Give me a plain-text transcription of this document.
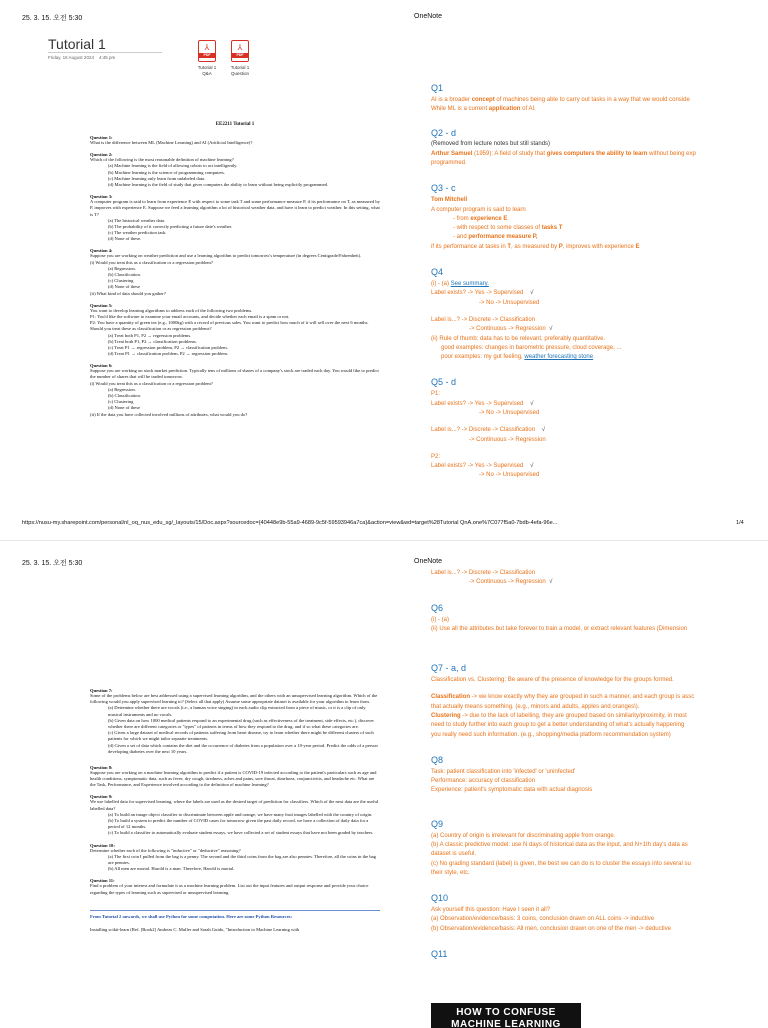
25. 3. 15. 오전 5:30	OneNote
Tutorial 1
Friday, 16 August 2024 4:45 pm
⅄
PDF
Tutorial 1
Q&A
⅄
PDF
Tutorial 1
Question

EE2211 Tutorial 1

Question 1:

What is the difference between ML (Machine Learning) and AI (Artificial Intelligence)?

Question 2:

Which of the following is the most reasonable definition of machine learning?

(a) Machine learning is the field of allowing robots to act intelligently.

(b) Machine learning is the science of programming computers.

(c) Machine learning only learn from unlabeled data.

(d) Machine learning is the field of study that gives computers the ability to learn without being explicitly programmed.

Question 3:

A computer program is said to learn from experience E with respect to some task T and some performance measure P, if its performance on T, as measured by P, improves with experience E. Suppose we feed a learning algorithm a lot of historical weather data, and have it learn to predict weather. In this setting, what is T?

(a) The historical weather data.

(b) The probability of it correctly predicting a future date's weather.

(c) The weather prediction task.

(d) None of these.

Question 4:

Suppose you are working on weather prediction and use a learning algorithm to predict tomorrow's temperature (in degrees Centigrade/Fahrenheit).

(i) Would you treat this as a classification or a regression problem?

(a) Regression.

(b) Classification.

(c) Clustering

(d) None of these

(ii) What kind of data should you gather?

Question 5:

You want to develop learning algorithms to address each of the following two problems.

P1: You'd like the software to examine your email accounts, and decide whether each email is a spam or not.

P2: You have a quantity of green tea (e.g., 1000kg) with a record of previous sales. You want to predict how much of it will sell over the next 6 months.

Should you treat these as classification or as regression problems?

(a) Treat both P1, P2 → regression problems.

(b) Treat both P1, P2 → classification problems.

(c) Treat P1 → regression problem, P2 → classification problem.

(d) Treat P1 → classification problem, P2 → regression problem.

Question 6:

Suppose you are working on stock market prediction. Typically tens of millions of shares of a company's stock are traded each day. You would like to predict the number of shares that will be traded tomorrow.

(i) Would you treat this as a classification or a regression problem?

(a) Regression.

(b) Classification.

(c) Clustering

(d) None of these

(ii) If the data you have collected involved millions of attributes, what would you do?

Q1

AI is a broader concept of machines being able to carry out tasks in a way that we would conside
While ML is a current application of AI.

Q2 - d

(Removed from lecture notes but still stands)
Arthur Samuel (1959): A field of study that gives computers the ability to learn without being exp
programmed.

Q3 - c

Tom Mitchell
A computer program is said to learn
- from experience E
- with respect to some classes of tasks T
- and performance measure P,
if its performance at tasks in T, as measured by P, improves with experience E

Q4

(i) - (a) See summary.
Label exists? -> Yes -> Supervised √
-> No -> Unsupervised
Label is...? -> Discrete -> Classification
-> Continuous -> Regression √
(ii) Rule of thumb: data has to be relevant, preferably quantitative.
good examples: changes in barometric pressure, cloud coverage, ...
poor examples: my gut feeling, weather forecasting stone

Q5 - d

P1:
Label exists? -> Yes -> Supervised √
-> No -> Unsupervised
Label is...? -> Discrete -> Classification √
-> Continuous -> Regression
P2:
Label exists? -> Yes -> Supervised √
-> No -> Unsupervised
https://nusu-my.sharepoint.com/personal/nl_oq_nus_edu_sg/_layouts/15/Doc.aspx?sourcedoc={40448e9b-55a9-4689-9c5f-59593946a7ca}&action=view&wd=target%28Tutorial QnA.one%7C077f5a0-7bdb-4efa-96e...	1/4
25. 3. 15. 오전 5:30	OneNote

Question 7:

Some of the problems below are best addressed using a supervised learning algorithm, and the others with an unsupervised learning algorithm. Which of the following would you apply supervised learning to? (Select all that apply) Assume some appropriate dataset is available for your algorithm to learn from.

(a) Determine whether there are vocals (i.e., a human voice singing) in each audio clip extracted from a piece of music, or it is a clip of only musical instruments and no vocals.

(b) Given data on how 1000 medical patients respond to an experimental drug (such as effectiveness of the treatment, side effects, etc.), discover whether there are different categories or "types" of patients in terms of how they respond to the drug, and if so what these categories are.

(c) Given a large dataset of medical records of patients suffering from heart disease, try to learn whether there might be different clusters of such patients for which we might tailor separate treatments.

(d) Given a set of data which contains the diet and the occurrence of diabetes from a population over a 10-year period. Predict the odds of a person developing diabetes over the next 10 years.

Question 8:

Suppose you are working on a machine learning algorithm to predict if a patient is COVID-19 infected according to the patient's particulars such as age and health conditions, symptomatic data, such as fever, dry cough, tiredness, aches and pains, sore throat, diarrhoea, conjunctivitis, and headache etc. What are the Task, Performance, and Experience involved according to the definition of machine learning?

Question 9:

We use labelled data for supervised learning, where the labels are used as the desired target of prediction for classifiers. Which of the next data are the useful labelled data?

(a) To build an image object classifier to discriminate between apple and orange, we have many fruit images labelled with the country of origin.

(b) To build a system to predict the number of COVID cases for tomorrow given the past daily record, we have a collection of daily data for a period of 12 months.

(c) To build a classifier to automatically evaluate student essays, we have collected a set of student essays that have not been graded by teachers.

Question 10:

Determine whether each of the following is "inductive" or "deductive" reasoning?

(a) The first coin I pulled from the bag is a penny. The second and the third coins from the bag are also pennies. Therefore, all the coins in the bag are pennies.

(b) All men are mortal. Harold is a man. Therefore, Harold is mortal.

Question 11:

Find a problem of your interest and formulate it as a machine learning problem. List out the input features and output response and provide your choice regarding the types of learning such as supervised or unsupervised learning.

From Tutorial 2 onwards, we shall use Python for some computation. Here are some Python Resources:

Installing scikit-learn (Ref. [Book2] Andreas C. Muller and Sarah Guido, "Introduction to Machine Learning with

Label is...? -> Discrete -> Classification
-> Continuous -> Regression √

Q6

(i) - (a)
(ii) Use all the attributes but take forever to train a model, or extract relevant features (Dimension

Q7 - a, d

Classification vs. Clustering: Be aware of the presence of knowledge for the groups formed.
Classification -> we know exactly why they are grouped in such a manner, and each group is assc
that actually means something. (e.g., minors and adults, apples and oranges\).
Clustering -> due to the lack of labelling, they are grouped based on similarity/proximity, in most
need to study further into each group to get a better understanding of what's actually happening
you really need such information. (e.g., shopping/media platform recommendation system)

Q8

Task: patient classification into 'infected' or 'uninfected'
Performance: accuracy of classification
Experience: patient's symptomatic data with actual diagnosis

Q9

(a) Country of origin is irrelevant for discriminating apple from orange.
(b) A classic predictive model: use N days of historical data as the input, and N+1th day's data as
dataset is useful.
(c) No grading standard (label) is given, the best we can do is to cluster the essays into several su
their style, etc.

Q10

Ask yourself this question: Have I seen it all?
(a) Observation/evidence/basis: 3 coins, conclusion drawn on ALL coins -> inductive
(b) Observation/evidence/basis: All men, conclusion drawn on one of the men -> deductive

Q11

HOW TO CONFUSE
MACHINE LEARNING
